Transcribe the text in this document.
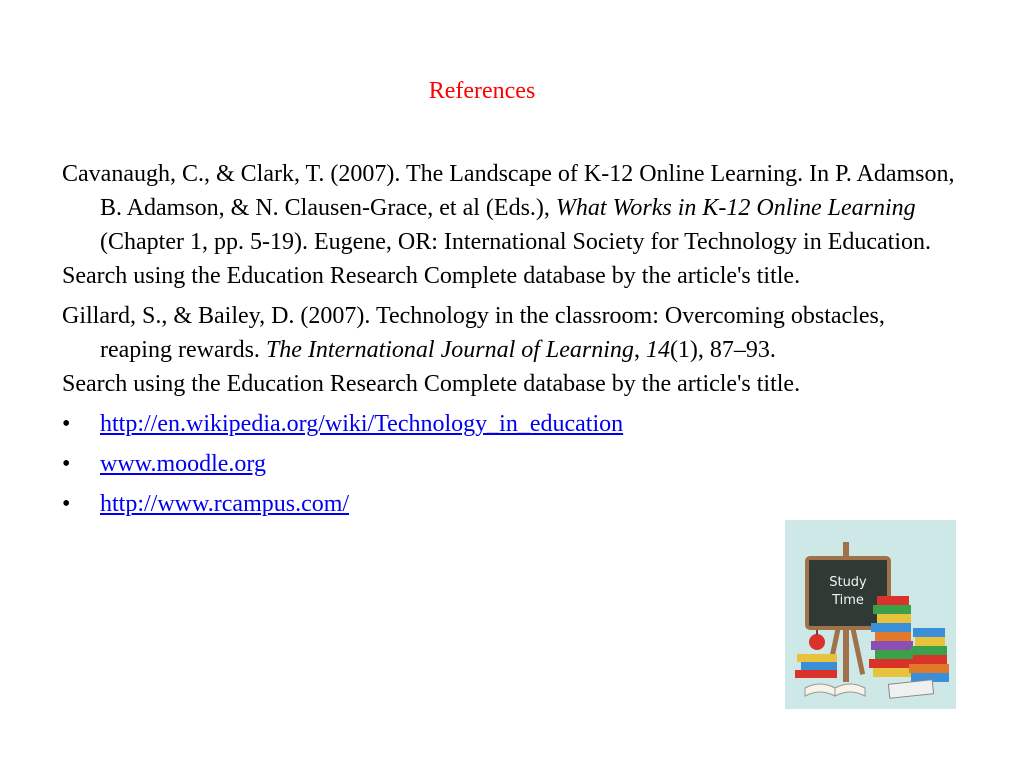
References

Cavanaugh, C., & Clark, T. (2007). The Landscape of K-12 Online Learning. In P. Adamson, B. Adamson, & N. Clausen-Grace, et al (Eds.), What Works in K-12 Online Learning (Chapter 1, pp. 5-19). Eugene, OR: International Society for Technology in Education.
Search using the Education Research Complete database by the article's title.

Gillard, S., & Bailey, D. (2007). Technology in the classroom: Overcoming obstacles, reaping rewards. The International Journal of Learning, 14(1), 87–93.
Search using the Education Research Complete database by the article's title.

•	http://en.wikipedia.org/wiki/Technology_in_education
•	www.moodle.org
•	http://www.rcampus.com/
Study
Time
